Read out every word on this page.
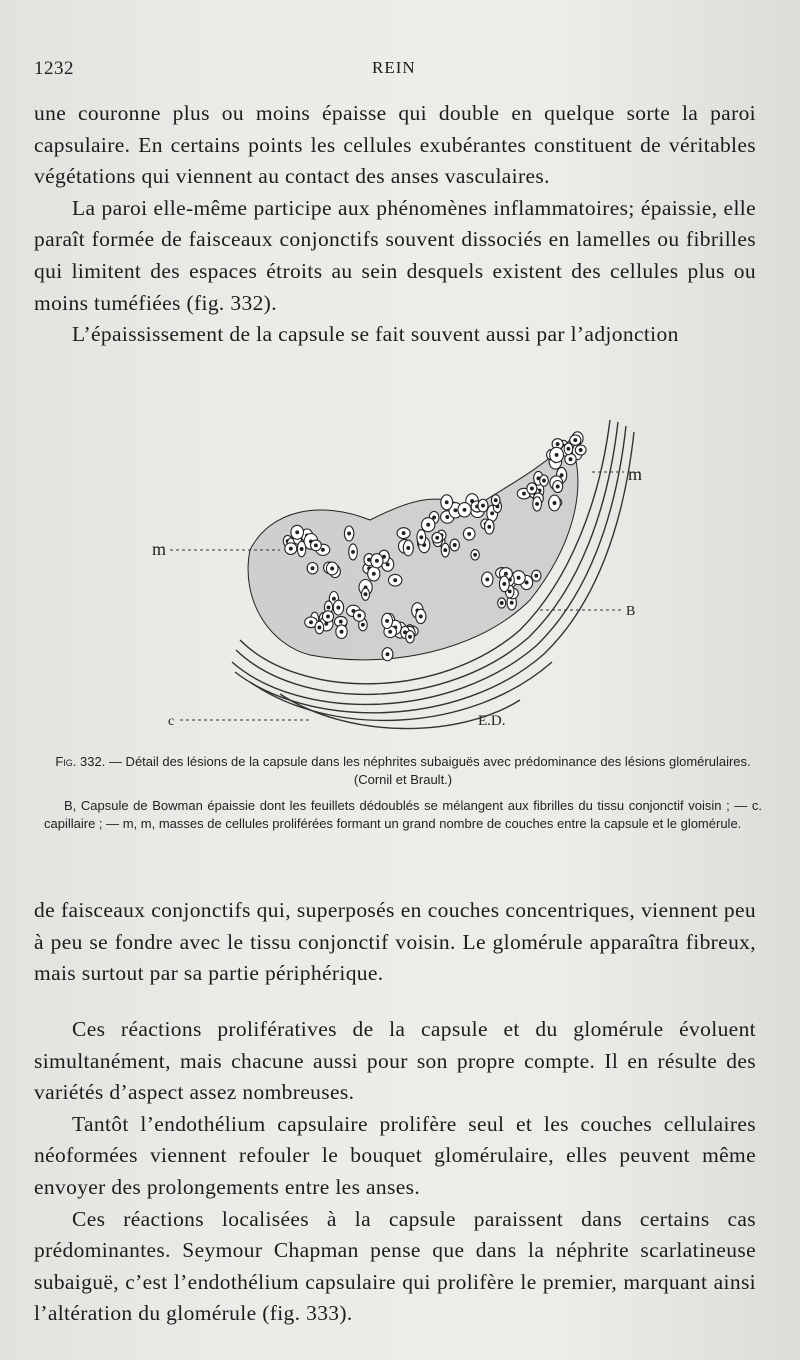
1232	REIN

une couronne plus ou moins épaisse qui double en quelque sorte la paroi capsulaire. En certains points les cellules exubérantes constituent de véritables végétations qui viennent au contact des anses vasculaires.

La paroi elle-même participe aux phénomènes inflammatoires; épaissie, elle paraît formée de faisceaux conjonctifs souvent dissociés en lamelles ou fibrilles qui limitent des espaces étroits au sein desquels existent des cellules plus ou moins tuméfiées (fig. 332).

L’épaississement de la capsule se fait souvent aussi par l’adjonction

m
m
B
c	E.D.

Fig. 332. — Détail des lésions de la capsule dans les néphrites subaiguës avec prédominance des lésions glomérulaires. (Cornil et Brault.)

B, Capsule de Bowman épaissie dont les feuillets dédoublés se mélangent aux fibrilles du tissu conjonctif voisin ; — c. capillaire ; — m, m, masses de cellules proliférées formant un grand nombre de couches entre la capsule et le glomérule.

de faisceaux conjonctifs qui, superposés en couches concentriques, viennent peu à peu se fondre avec le tissu conjonctif voisin. Le glomérule apparaîtra fibreux, mais surtout par sa partie périphérique.

Ces réactions prolifératives de la capsule et du glomérule évoluent simultanément, mais chacune aussi pour son propre compte. Il en résulte des variétés d’aspect assez nombreuses.

Tantôt l’endothélium capsulaire prolifère seul et les couches cellulaires néoformées viennent refouler le bouquet glomérulaire, elles peuvent même envoyer des prolongements entre les anses.

Ces réactions localisées à la capsule paraissent dans certains cas prédominantes. Seymour Chapman pense que dans la néphrite scarlatineuse subaiguë, c’est l’endothélium capsulaire qui prolifère le premier, marquant ainsi l’altération du glomérule (fig. 333).
